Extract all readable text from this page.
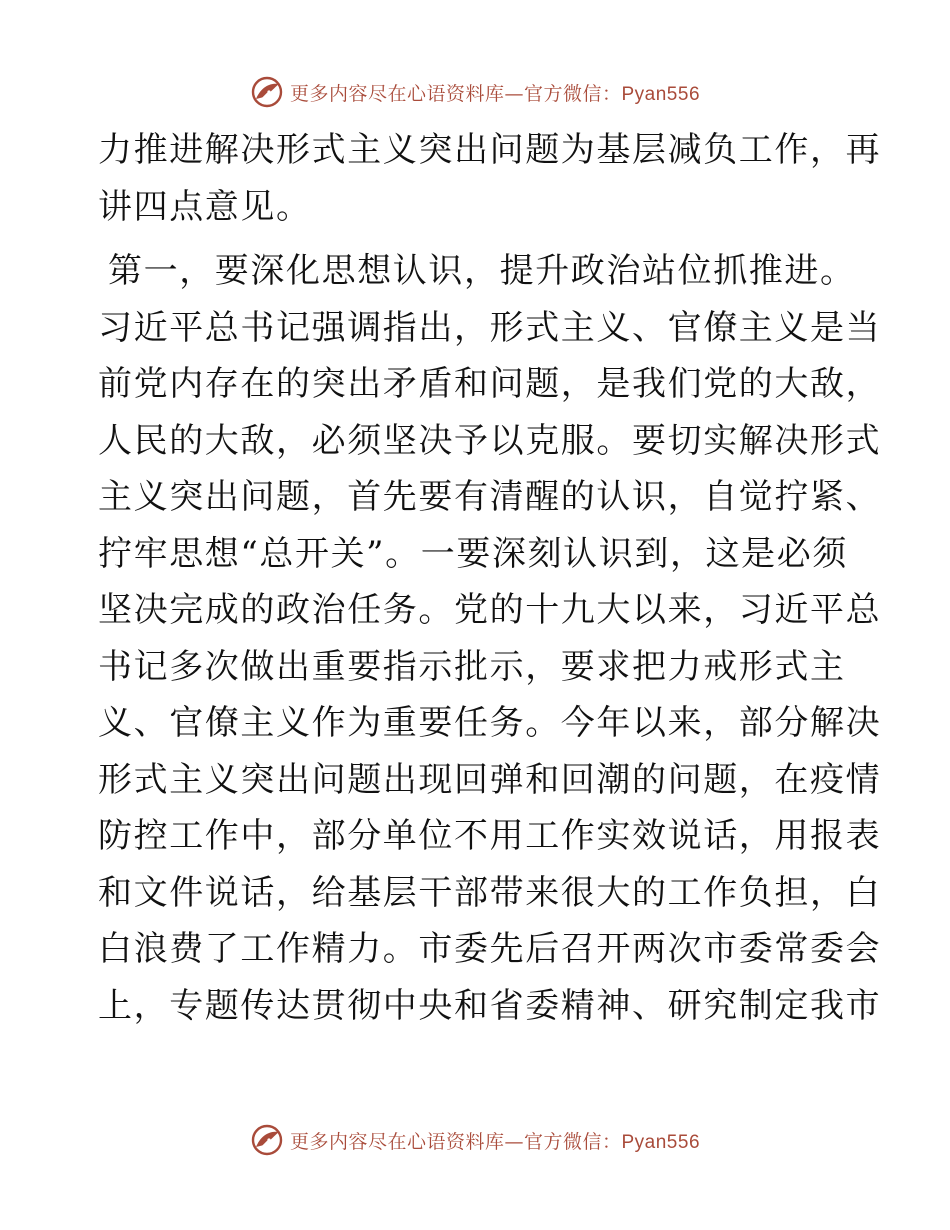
更多内容尽在心语资料库—官方微信：Pyan556
力推进解决形式主义突出问题为基层减负工作，再
讲四点意见。
第一，要深化思想认识，提升政治站位抓推进。
习近平总书记强调指出，形式主义、官僚主义是当
前党内存在的突出矛盾和问题，是我们党的大敌，
人民的大敌，必须坚决予以克服。要切实解决形式
主义突出问题，首先要有清醒的认识，自觉拧紧、
拧牢思想“总开关”。一要深刻认识到，这是必须
坚决完成的政治任务。党的十九大以来，习近平总
书记多次做出重要指示批示，要求把力戒形式主
义、官僚主义作为重要任务。今年以来，部分解决
形式主义突出问题出现回弹和回潮的问题，在疫情
防控工作中，部分单位不用工作实效说话，用报表
和文件说话，给基层干部带来很大的工作负担，白
白浪费了工作精力。市委先后召开两次市委常委会
上，专题传达贯彻中央和省委精神、研究制定我市
更多内容尽在心语资料库—官方微信：Pyan556
